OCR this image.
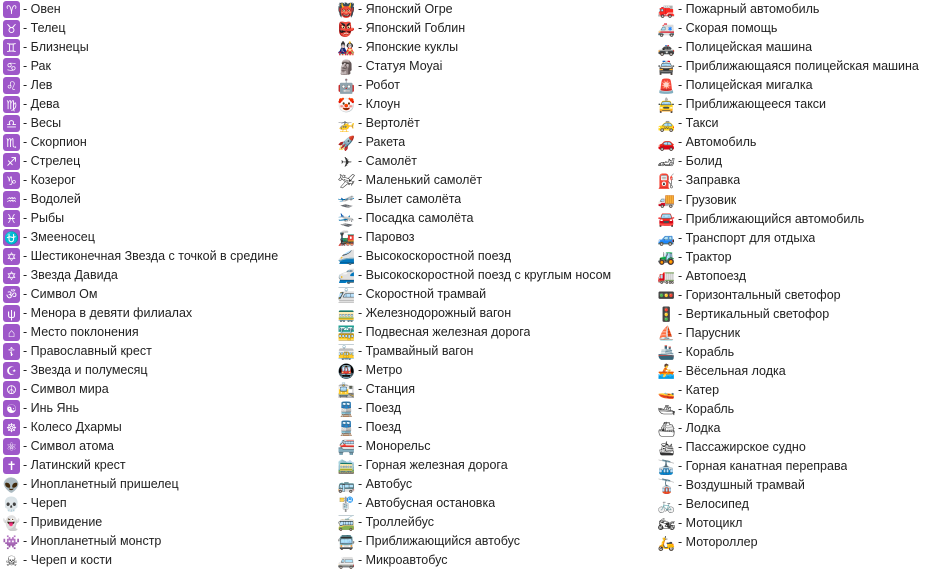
♈ - Овен
♉ - Телец
♊ - Близнецы
♋ - Рак
♌ - Лев
♍ - Дева
♎ - Весы
♏ - Скорпион
♐ - Стрелец
♑ - Козерог
♒ - Водолей
♓ - Рыбы
⛎ - Змееносец
✡ - Шестиконечная Звезда с точкой в средине
✡ - Звезда Давида
ॐ - Символ Ом
ψ - Менора в девяти филиалах
⌂ - Место поклонения
☦ - Православный крест
☪ - Звезда и полумесяц
☮ - Символ мира
☯ - Инь Янь
☸ - Колесо Дхармы
⚛ - Символ атома
✝ - Латинский крест
👽 - Инопланетный пришелец
💀 - Череп
👻 - Привидение
👾 - Инопланетный монстр
☠ - Череп и кости
👹 - Японский Огре
👺 - Японский Гоблин
🎎 - Японские куклы
🗿 - Статуя Моуаі
🤖 - Робот
🤡 - Клоун
🚁 - Вертолёт
🚀 - Ракета
✈ - Самолёт
🛩 - Маленький самолёт
🛫 - Вылет самолёта
🛬 - Посадка самолёта
🚂 - Паровоз
🚄 - Высокоскоростной поезд
🚅 - Высокоскоростной поезд с круглым носом
🚈 - Скоростной трамвай
🚃 - Железнодорожный вагон
🚟 - Подвесная железная дорога
🚋 - Трамвайный вагон
🚇 - Метро
🚉 - Станция
🚆 - Поезд
🚆 - Поезд
🚝 - Монорельс
🚞 - Горная железная дорога
🚌 - Автобус
🚏 - Автобусная остановка
🚎 - Троллейбус
🚍 - Приближающийся автобус
🚐 - Микроавтобус
🚒 - Пожарный автомобиль
🚑 - Скорая помощь
🚓 - Полицейская машина
🚔 - Приближающаяся полицейская машина
🚨 - Полицейская мигалка
🚖 - Приближающееся такси
🚕 - Такси
🚗 - Автомобиль
🏎 - Болид
⛽ - Заправка
🚚 - Грузовик
🚘 - Приближающийся автомобиль
🚙 - Транспорт для отдыха
🚜 - Трактор
🚛 - Автопоезд
🚥 - Горизонтальный светофор
🚦 - Вертикальный светофор
⛵ - Парусник
🚢 - Корабль
🚣 - Вёсельная лодка
🚤 - Катер
🛥 - Корабль
⛴ - Лодка
🛳 - Пассажирское судно
🚠 - Горная канатная переправа
🚡 - Воздушный трамвай
🚲 - Велосипед
🏍 - Мотоцикл
🛵 - Мотороллер
